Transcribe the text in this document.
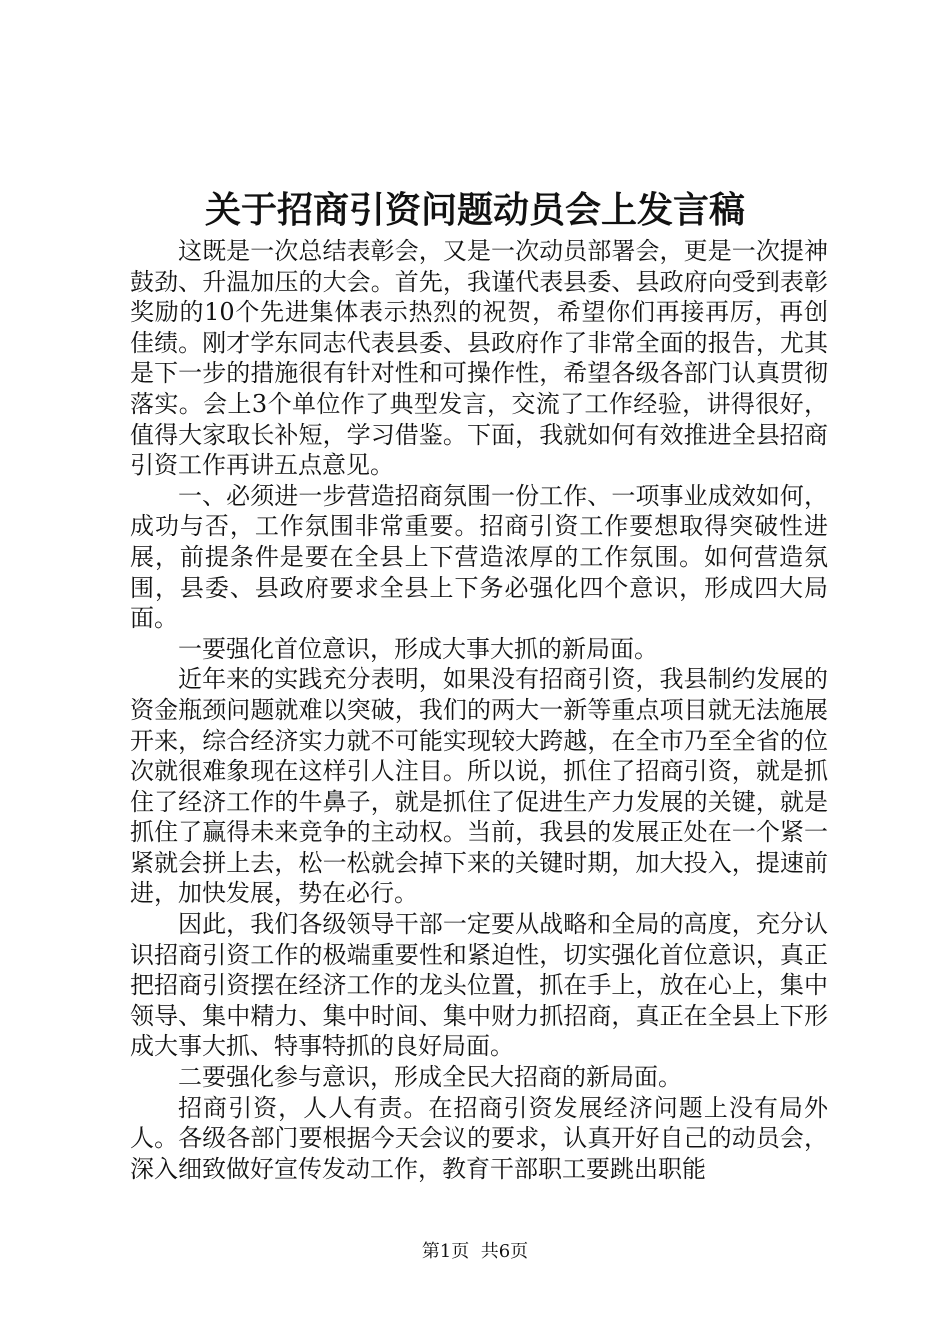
关于招商引资问题动员会上发言稿

这既是一次总结表彰会，又是一次动员部署会，更是一次提神鼓劲、升温加压的大会。首先，我谨代表县委、县政府向受到表彰奖励的10个先进集体表示热烈的祝贺，希望你们再接再厉，再创佳绩。刚才学东同志代表县委、县政府作了非常全面的报告，尤其是下一步的措施很有针对性和可操作性，希望各级各部门认真贯彻落实。会上3个单位作了典型发言，交流了工作经验，讲得很好，值得大家取长补短，学习借鉴。下面，我就如何有效推进全县招商引资工作再讲五点意见。

一、必须进一步营造招商氛围一份工作、一项事业成效如何，成功与否，工作氛围非常重要。招商引资工作要想取得突破性进展，前提条件是要在全县上下营造浓厚的工作氛围。如何营造氛围，县委、县政府要求全县上下务必强化四个意识，形成四大局面。

一要强化首位意识，形成大事大抓的新局面。

近年来的实践充分表明，如果没有招商引资，我县制约发展的资金瓶颈问题就难以突破，我们的两大一新等重点项目就无法施展开来，综合经济实力就不可能实现较大跨越，在全市乃至全省的位次就很难象现在这样引人注目。所以说，抓住了招商引资，就是抓住了经济工作的牛鼻子，就是抓住了促进生产力发展的关键，就是抓住了赢得未来竞争的主动权。当前，我县的发展正处在一个紧一紧就会拼上去，松一松就会掉下来的关键时期，加大投入，提速前进，加快发展，势在必行。

因此，我们各级领导干部一定要从战略和全局的高度，充分认识招商引资工作的极端重要性和紧迫性，切实强化首位意识，真正把招商引资摆在经济工作的龙头位置，抓在手上，放在心上，集中领导、集中精力、集中时间、集中财力抓招商，真正在全县上下形成大事大抓、特事特抓的良好局面。

二要强化参与意识，形成全民大招商的新局面。

招商引资，人人有责。在招商引资发展经济问题上没有局外人。各级各部门要根据今天会议的要求，认真开好自己的动员会，深入细致做好宣传发动工作，教育干部职工要跳出职能

第1页  共6页
